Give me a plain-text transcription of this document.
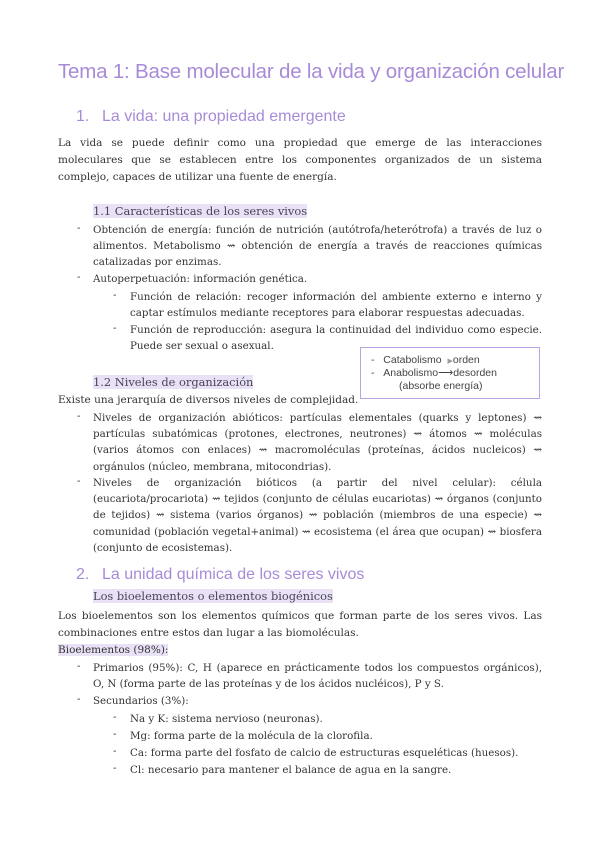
Tema 1: Base molecular de la vida y organización celular
1. La vida: una propiedad emergente
La vida se puede definir como una propiedad que emerge de las interacciones moleculares que se establecen entre los componentes organizados de un sistema complejo, capaces de utilizar una fuente de energía.
1.1 Características de los seres vivos
- Obtención de energía: función de nutrición (autótrofa/heterótrofa) a través de luz o alimentos. Metabolismo ⇝ obtención de energía a través de reacciones químicas catalizadas por enzimas.
- Autoperpetuación: información genética.
- Función de relación: recoger información del ambiente externo e interno y captar estímulos mediante receptores para elaborar respuestas adecuadas.
- Función de reproducción: asegura la continuidad del individuo como especie. Puede ser sexual o asexual.
- Catabolismo ▶orden
- Anabolismo⟶desorden
(absorbe energía)
1.2 Niveles de organización
Existe una jerarquía de diversos niveles de complejidad.
- Niveles de organización abióticos: partículas elementales (quarks y leptones) ⇝ partículas subatómicas (protones, electrones, neutrones) ⇝ átomos ⇝ moléculas (varios átomos con enlaces) ⇝ macromoléculas (proteínas, ácidos nucleicos) ⇝ orgánulos (núcleo, membrana, mitocondrias).
- Niveles de organización bióticos (a partir del nivel celular): célula (eucariota/procariota) ⇝ tejidos (conjunto de células eucariotas) ⇝ órganos (conjunto de tejidos) ⇝ sistema (varios órganos) ⇝ población (miembros de una especie) ⇝ comunidad (población vegetal+animal) ⇝ ecosistema (el área que ocupan) ⇝ biosfera (conjunto de ecosistemas).
2. La unidad química de los seres vivos
Los bioelementos o elementos biogénicos
Los bioelementos son los elementos químicos que forman parte de los seres vivos. Las combinaciones entre estos dan lugar a las biomoléculas.
Bioelementos (98%):
- Primarios (95%): C, H (aparece en prácticamente todos los compuestos orgánicos), O, N (forma parte de las proteínas y de los ácidos nucléicos), P y S.
- Secundarios (3%):
- Na y K: sistema nervioso (neuronas).
- Mg: forma parte de la molécula de la clorofila.
- Ca: forma parte del fosfato de calcio de estructuras esqueléticas (huesos).
- Cl: necesario para mantener el balance de agua en la sangre.
